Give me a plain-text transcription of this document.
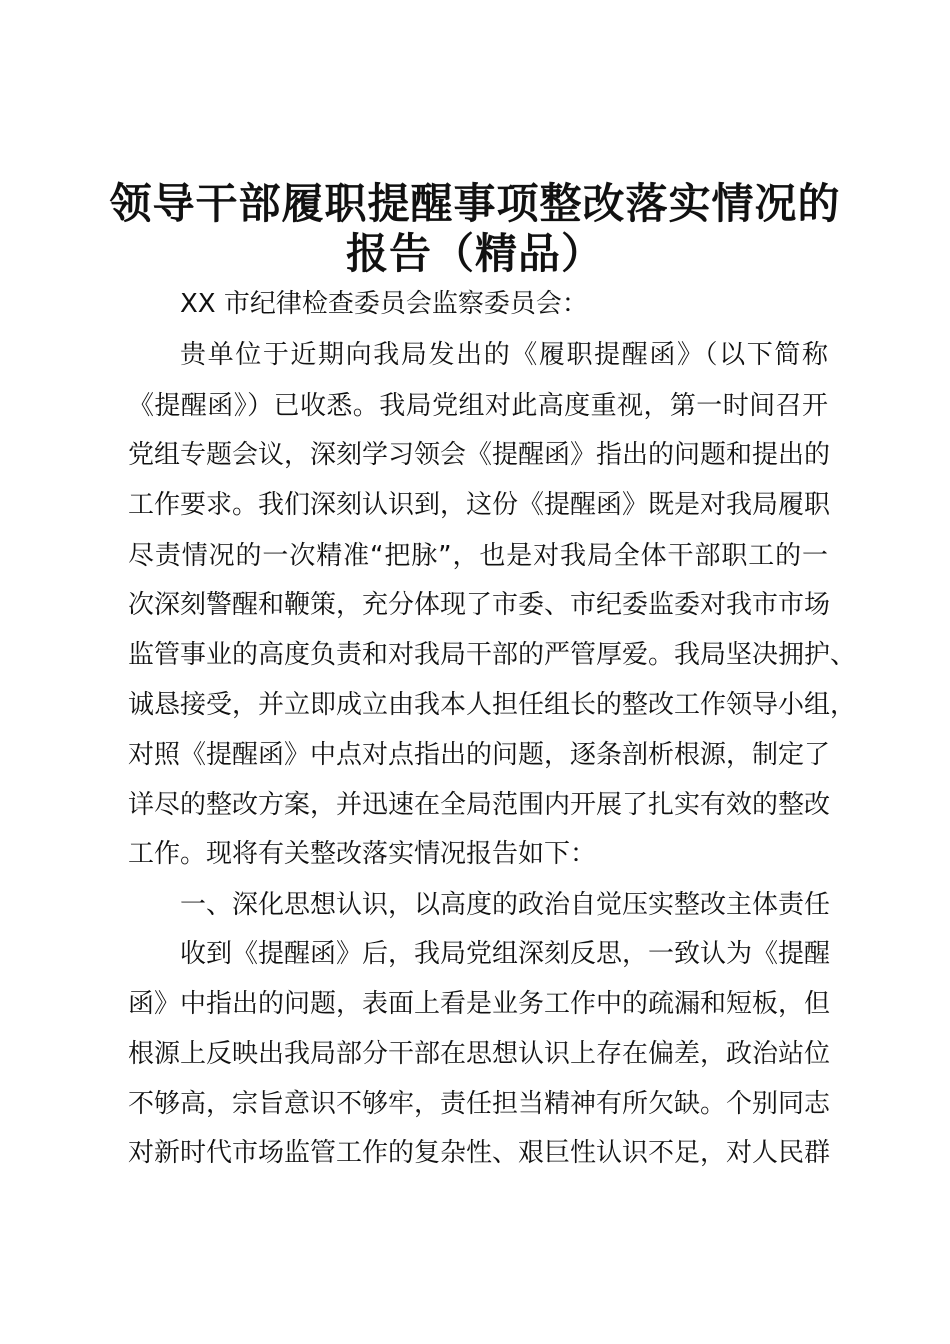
领导干部履职提醒事项整改落实情况的
报告（精品）
XX 市纪律检查委员会监察委员会：
贵单位于近期向我局发出的《履职提醒函》（以下简称
《提醒函》）已收悉。我局党组对此高度重视，第一时间召开
党组专题会议，深刻学习领会《提醒函》指出的问题和提出的
工作要求。我们深刻认识到，这份《提醒函》既是对我局履职
尽责情况的一次精准“把脉”，也是对我局全体干部职工的一
次深刻警醒和鞭策，充分体现了市委、市纪委监委对我市市场
监管事业的高度负责和对我局干部的严管厚爱。我局坚决拥护、
诚恳接受，并立即成立由我本人担任组长的整改工作领导小组，
对照《提醒函》中点对点指出的问题，逐条剖析根源，制定了
详尽的整改方案，并迅速在全局范围内开展了扎实有效的整改
工作。现将有关整改落实情况报告如下：
一、深化思想认识，以高度的政治自觉压实整改主体责任
收到《提醒函》后，我局党组深刻反思，一致认为《提醒
函》中指出的问题，表面上看是业务工作中的疏漏和短板，但
根源上反映出我局部分干部在思想认识上存在偏差，政治站位
不够高，宗旨意识不够牢，责任担当精神有所欠缺。个别同志
对新时代市场监管工作的复杂性、艰巨性认识不足，对人民群
